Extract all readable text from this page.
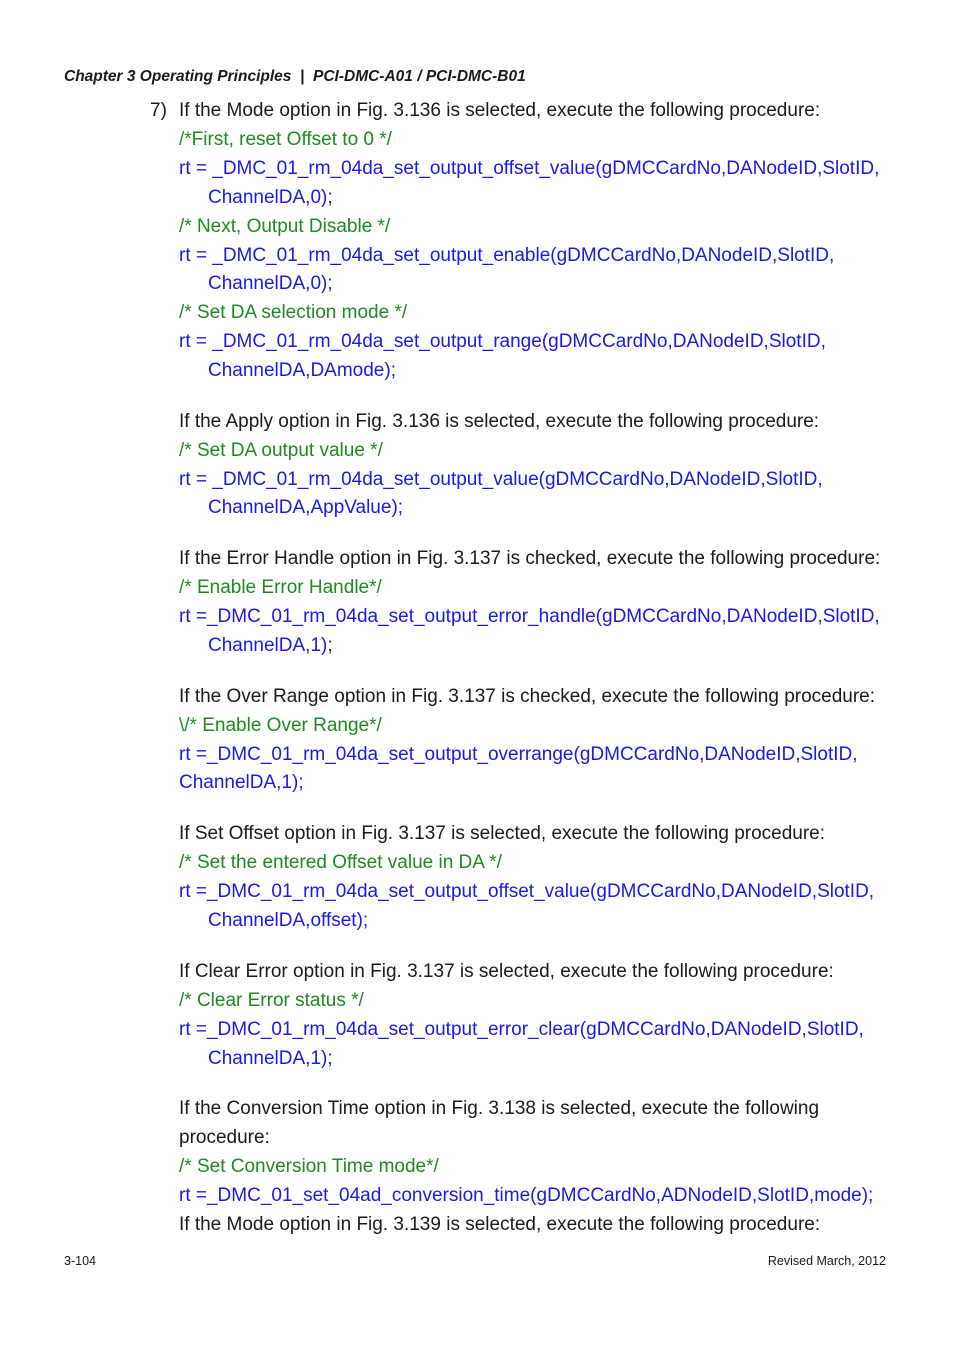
Chapter 3 Operating Principles | PCI-DMC-A01 / PCI-DMC-B01
7) If the Mode option in Fig. 3.136 is selected, execute the following procedure:
/*First, reset Offset to 0 */
rt = _DMC_01_rm_04da_set_output_offset_value(gDMCCardNo,DANodeID,SlotID,
ChannelDA,0);
/* Next, Output Disable */
rt = _DMC_01_rm_04da_set_output_enable(gDMCCardNo,DANodeID,SlotID,
ChannelDA,0);
/* Set DA selection mode */
rt = _DMC_01_rm_04da_set_output_range(gDMCCardNo,DANodeID,SlotID,
ChannelDA,DAmode);
If the Apply option in Fig. 3.136 is selected, execute the following procedure:
/* Set DA output value */
rt = _DMC_01_rm_04da_set_output_value(gDMCCardNo,DANodeID,SlotID,
ChannelDA,AppValue);
If the Error Handle option in Fig. 3.137 is checked, execute the following procedure:
/* Enable Error Handle*/
rt =_DMC_01_rm_04da_set_output_error_handle(gDMCCardNo,DANodeID,SlotID,
ChannelDA,1);
If the Over Range option in Fig. 3.137 is checked, execute the following procedure:
\/* Enable Over Range*/
rt =_DMC_01_rm_04da_set_output_overrange(gDMCCardNo,DANodeID,SlotID,
ChannelDA,1);
If Set Offset option in Fig. 3.137 is selected, execute the following procedure:
/* Set the entered Offset value in DA */
rt =_DMC_01_rm_04da_set_output_offset_value(gDMCCardNo,DANodeID,SlotID,
ChannelDA,offset);
If Clear Error option in Fig. 3.137 is selected, execute the following procedure:
/* Clear Error status */
rt =_DMC_01_rm_04da_set_output_error_clear(gDMCCardNo,DANodeID,SlotID,
ChannelDA,1);
If the Conversion Time option in Fig. 3.138 is selected, execute the following
procedure:
/* Set Conversion Time mode*/
rt =_DMC_01_set_04ad_conversion_time(gDMCCardNo,ADNodeID,SlotID,mode);
If the Mode option in Fig. 3.139 is selected, execute the following procedure:
3-104	Revised March, 2012
